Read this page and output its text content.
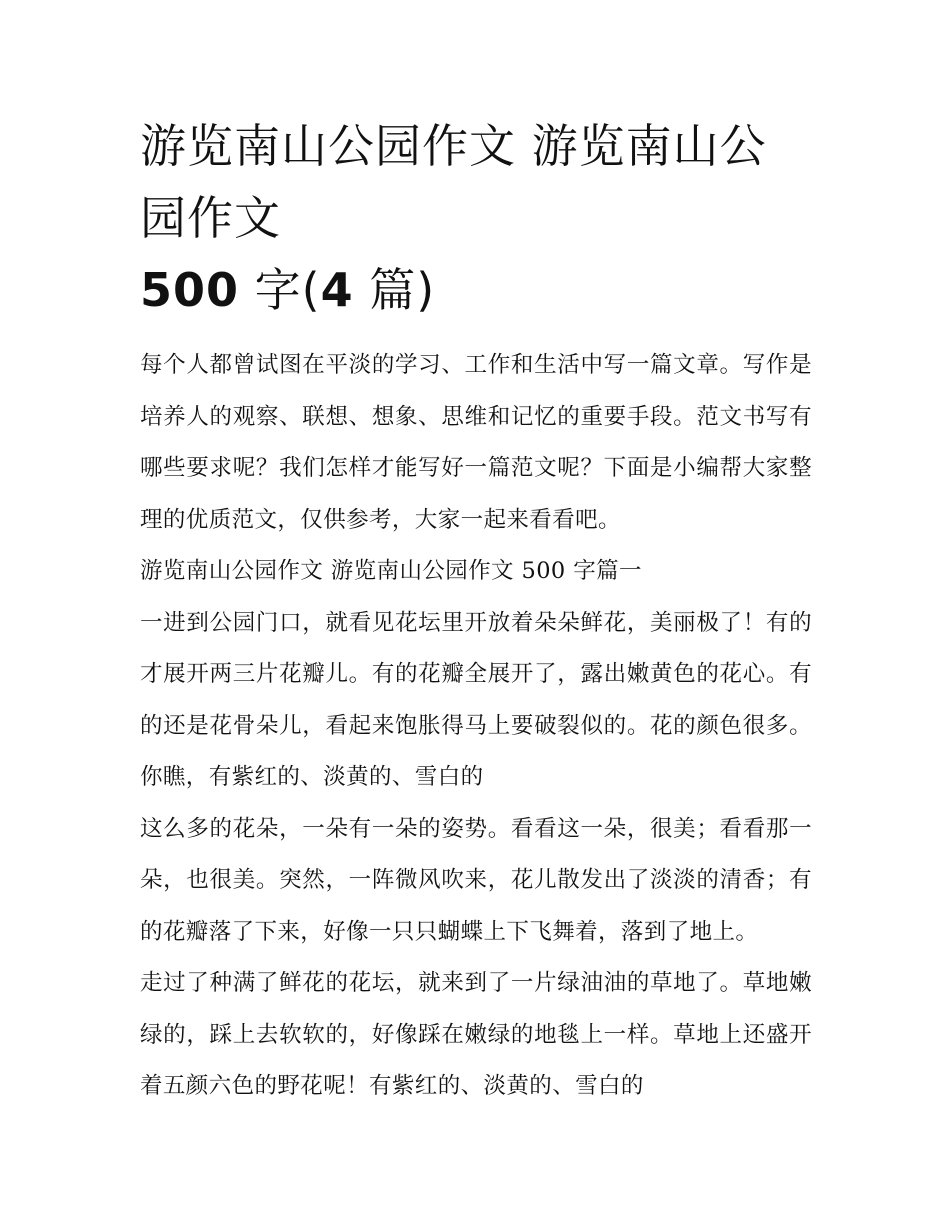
游览南山公园作文 游览南山公园作文
500 字(4 篇)

每个人都曾试图在平淡的学习、工作和生活中写一篇文章。写作是培养人的观察、联想、想象、思维和记忆的重要手段。范文书写有哪些要求呢？我们怎样才能写好一篇范文呢？下面是小编帮大家整理的优质范文，仅供参考，大家一起来看看吧。

游览南山公园作文 游览南山公园作文 500 字篇一

一进到公园门口，就看见花坛里开放着朵朵鲜花，美丽极了！有的才展开两三片花瓣儿。有的花瓣全展开了，露出嫩黄色的花心。有的还是花骨朵儿，看起来饱胀得马上要破裂似的。花的颜色很多。你瞧，有紫红的、淡黄的、雪白的

这么多的花朵，一朵有一朵的姿势。看看这一朵，很美；看看那一朵，也很美。突然，一阵微风吹来，花儿散发出了淡淡的清香；有的花瓣落了下来，好像一只只蝴蝶上下飞舞着，落到了地上。

走过了种满了鲜花的花坛，就来到了一片绿油油的草地了。草地嫩绿的，踩上去软软的，好像踩在嫩绿的地毯上一样。草地上还盛开着五颜六色的野花呢！有紫红的、淡黄的、雪白的
